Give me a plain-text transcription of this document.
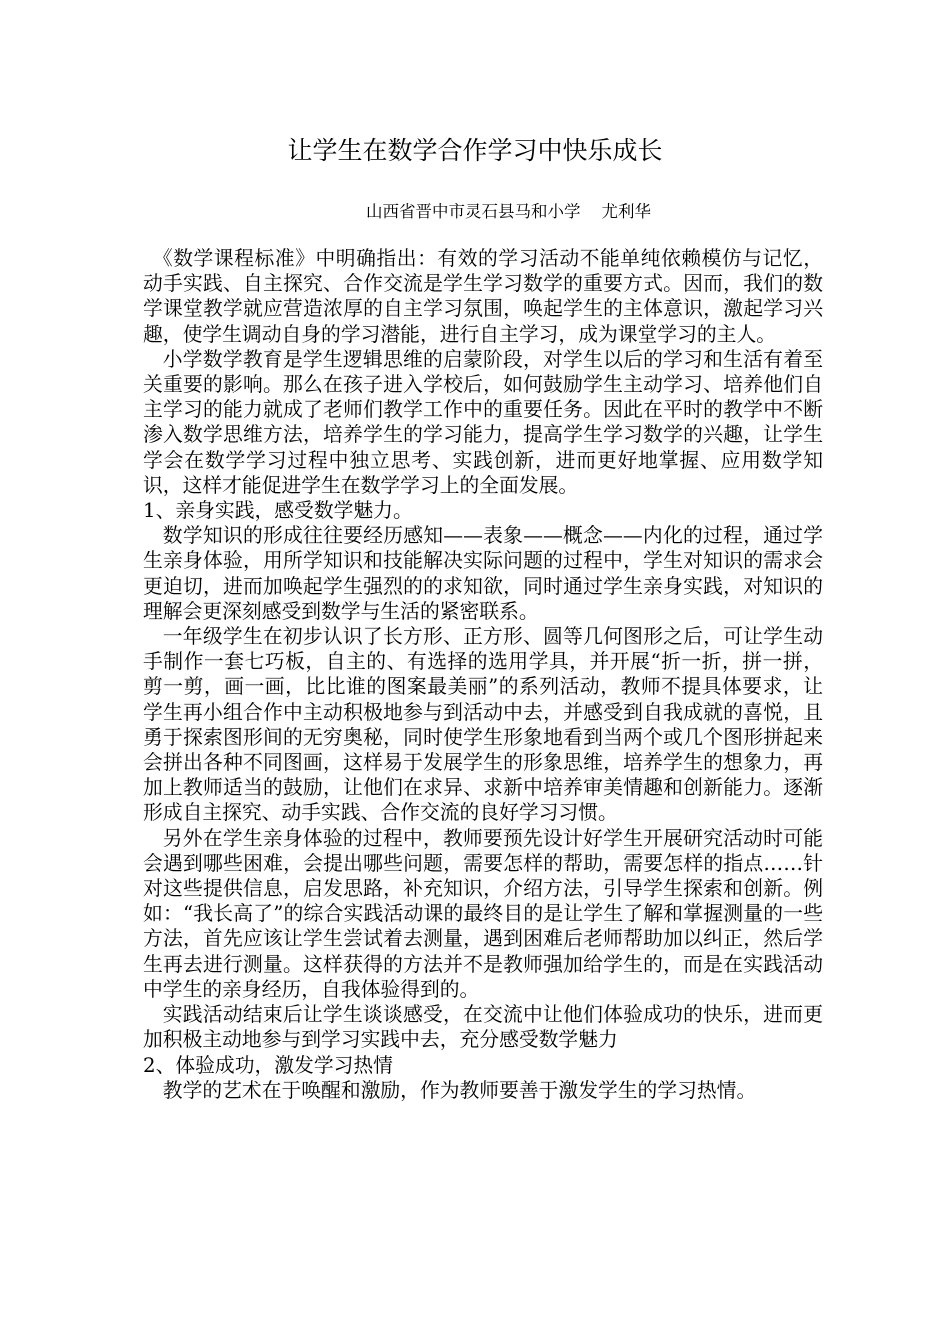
让学生在数学合作学习中快乐成长
山西省晋中市灵石县马和小学    尤利华

《数学课程标准》中明确指出：有效的学习活动不能单纯依赖模仿与记忆，动手实践、自主探究、合作交流是学生学习数学的重要方式。因而，我们的数学课堂教学就应营造浓厚的自主学习氛围，唤起学生的主体意识，激起学习兴趣，使学生调动自身的学习潜能，进行自主学习，成为课堂学习的主人。

小学数学教育是学生逻辑思维的启蒙阶段，对学生以后的学习和生活有着至关重要的影响。那么在孩子进入学校后，如何鼓励学生主动学习、培养他们自主学习的能力就成了老师们教学工作中的重要任务。因此在平时的教学中不断渗入数学思维方法，培养学生的学习能力，提高学生学习数学的兴趣，让学生学会在数学学习过程中独立思考、实践创新，进而更好地掌握、应用数学知识，这样才能促进学生在数学学习上的全面发展。

1、亲身实践，感受数学魅力。

数学知识的形成往往要经历感知——表象——概念——内化的过程，通过学生亲身体验，用所学知识和技能解决实际问题的过程中，学生对知识的需求会更迫切，进而加唤起学生强烈的的求知欲，同时通过学生亲身实践，对知识的理解会更深刻感受到数学与生活的紧密联系。

一年级学生在初步认识了长方形、正方形、圆等几何图形之后，可让学生动手制作一套七巧板，自主的、有选择的选用学具，并开展“折一折，拼一拼，剪一剪，画一画，比比谁的图案最美丽”的系列活动，教师不提具体要求，让学生再小组合作中主动积极地参与到活动中去，并感受到自我成就的喜悦，且勇于探索图形间的无穷奥秘，同时使学生形象地看到当两个或几个图形拼起来会拼出各种不同图画，这样易于发展学生的形象思维，培养学生的想象力，再加上教师适当的鼓励，让他们在求异、求新中培养审美情趣和创新能力。逐渐形成自主探究、动手实践、合作交流的良好学习习惯。

另外在学生亲身体验的过程中，教师要预先设计好学生开展研究活动时可能会遇到哪些困难，会提出哪些问题，需要怎样的帮助，需要怎样的指点……针对这些提供信息，启发思路，补充知识，介绍方法，引导学生探索和创新。例如：“我长高了”的综合实践活动课的最终目的是让学生了解和掌握测量的一些方法，首先应该让学生尝试着去测量，遇到困难后老师帮助加以纠正，然后学生再去进行测量。这样获得的方法并不是教师强加给学生的，而是在实践活动中学生的亲身经历，自我体验得到的。

实践活动结束后让学生谈谈感受，在交流中让他们体验成功的快乐，进而更加积极主动地参与到学习实践中去，充分感受数学魅力

2、体验成功，激发学习热情

教学的艺术在于唤醒和激励，作为教师要善于激发学生的学习热情。
